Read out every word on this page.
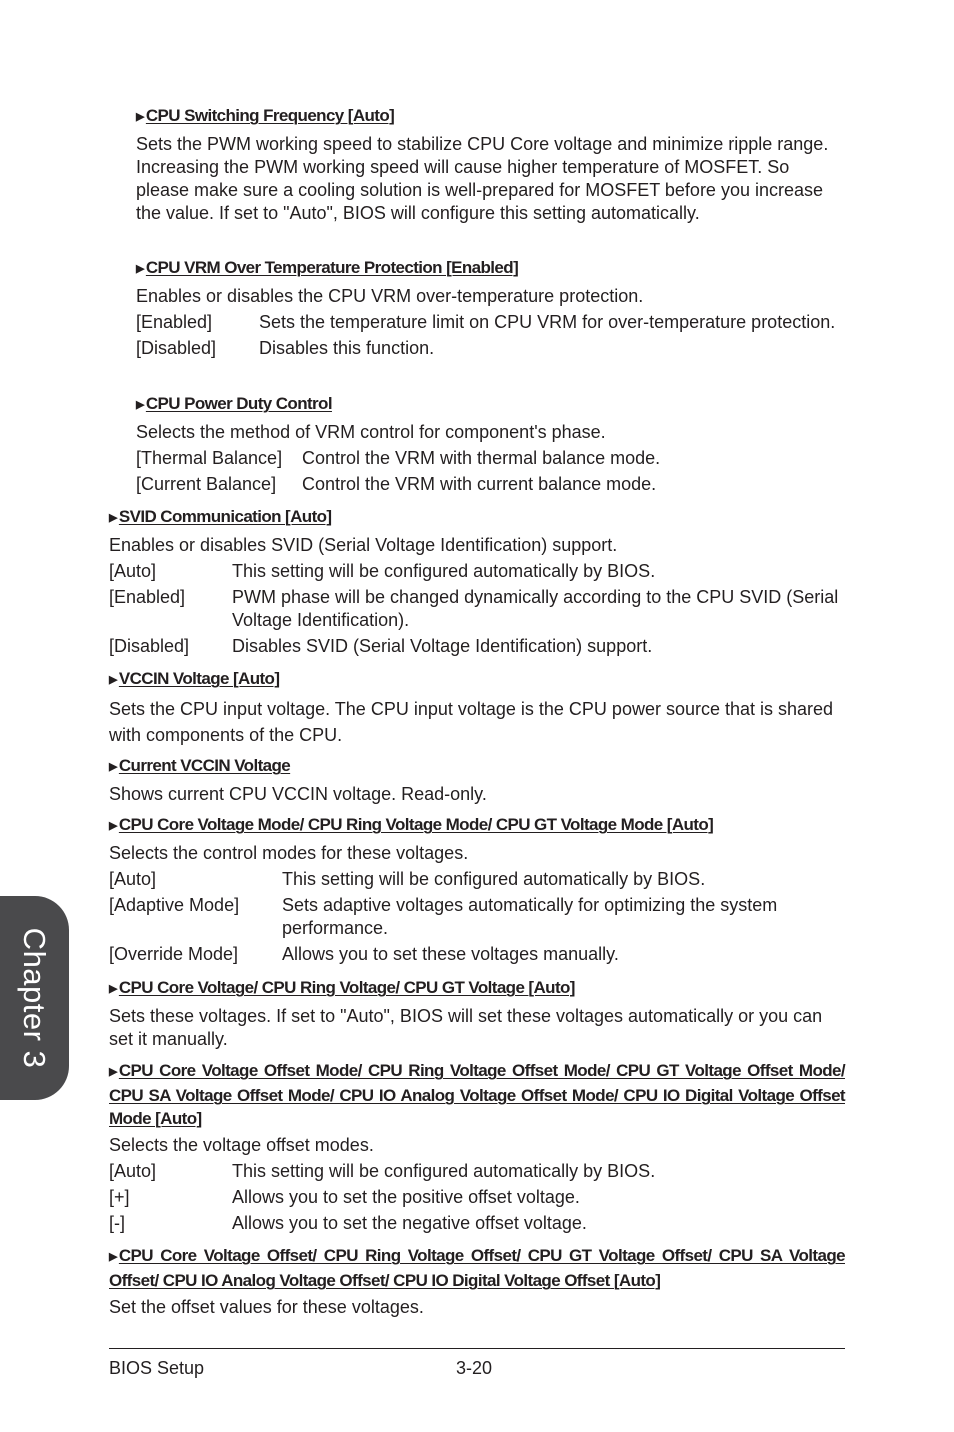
Chapter 3
▶ CPU Switching Frequency [Auto]
Sets the PWM working speed to stabilize CPU Core voltage and minimize ripple range. Increasing the PWM working speed will cause higher temperature of MOSFET. So please make sure a cooling solution is well-prepared for MOSFET before you increase the value. If set to "Auto", BIOS will configure this setting automatically.
▶ CPU VRM Over Temperature Protection [Enabled]
Enables or disables the CPU VRM over-temperature protection.
[Enabled]	Sets the temperature limit on CPU VRM for over-temperature protection.
[Disabled]	Disables this function.
▶ CPU Power Duty Control
Selects the method of VRM control for component's phase.
[Thermal Balance]	Control the VRM with thermal balance mode.
[Current Balance]	Control the VRM with current balance mode.
▶ SVID Communication [Auto]
Enables or disables SVID (Serial Voltage Identification) support.
[Auto]	This setting will be configured automatically by BIOS.
[Enabled]	PWM phase will be changed dynamically according to the CPU SVID (Serial Voltage Identification).
[Disabled]	Disables SVID (Serial Voltage Identification) support.
▶ VCCIN Voltage [Auto]
Sets the CPU input voltage. The CPU input voltage is the CPU power source that is shared with components of the CPU.
▶ Current VCCIN Voltage
Shows current CPU VCCIN voltage. Read-only.
▶ CPU Core Voltage Mode/ CPU Ring Voltage Mode/ CPU GT Voltage Mode [Auto]
Selects the control modes for these voltages.
[Auto]	This setting will be configured automatically by BIOS.
[Adaptive Mode]	Sets adaptive voltages automatically for optimizing the system performance.
[Override Mode]	Allows you to set these voltages manually.
▶ CPU Core Voltage/ CPU Ring Voltage/ CPU GT Voltage [Auto]
Sets these voltages. If set to "Auto", BIOS will set these voltages automatically or you can set it manually.
▶ CPU Core Voltage Offset Mode/ CPU Ring Voltage Offset Mode/ CPU GT Voltage Offset Mode/ CPU SA Voltage Offset Mode/ CPU IO Analog Voltage Offset Mode/ CPU IO Digital Voltage Offset Mode [Auto]
Selects the voltage offset modes.
[Auto]	This setting will be configured automatically by BIOS.
[+]	Allows you to set the positive offset voltage.
[-]	Allows you to set the negative offset voltage.
▶ CPU Core Voltage Offset/ CPU Ring Voltage Offset/ CPU GT Voltage Offset/ CPU SA Voltage Offset/ CPU IO Analog Voltage Offset/ CPU IO Digital Voltage Offset [Auto]
Set the offset values for these voltages.
BIOS Setup	3-20
